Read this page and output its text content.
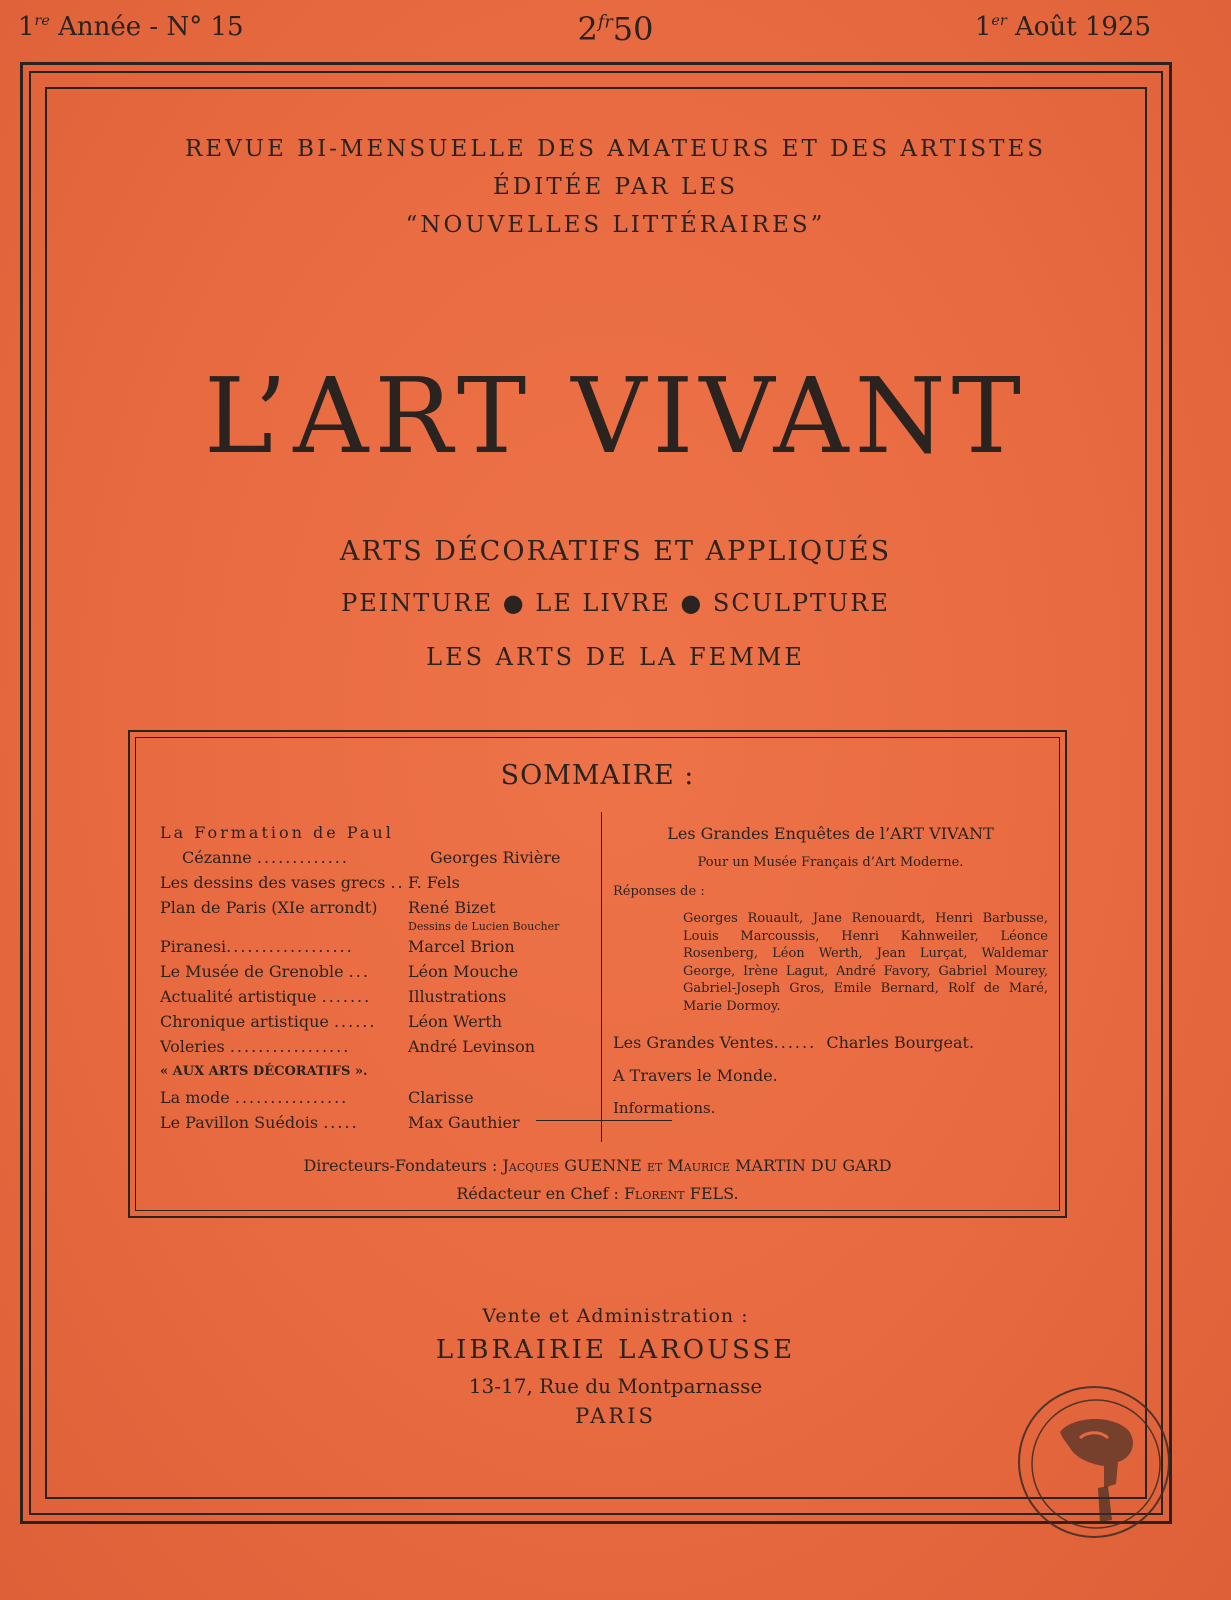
1re Année - N° 15	$2^{fr}50$	1er Août 1925
REVUE BI-MENSUELLE DES AMATEURS ET DES ARTISTES
ÉDITÉE PAR LES
“NOUVELLES LITTÉRAIRES”
L’ART VIVANT
ARTS DÉCORATIFS ET APPLIQUÉS
PEINTURE ● LE LIVRE ● SCULPTURE
LES ARTS DE LA FEMME
SOMMAIRE :
La Formation de Paul
Cézanne .............	Georges Rivière
Les dessins des vases grecs .. F. Fels
Plan de Paris (XIe arrondt)	René Bizet
Dessins de Lucien Boucher
Piranesi..................	Marcel Brion
Le Musée de Grenoble ...	Léon Mouche
Actualité artistique .......	Illustrations
Chronique artistique ......	Léon Werth
Voleries .................	André Levinson
« AUX ARTS DÉCORATIFS ».
La mode ................	Clarisse
Le Pavillon Suédois .....	Max Gauthier
Les Grandes Enquêtes de l’ART VIVANT
Pour un Musée Français d’Art Moderne.
Réponses de :
Georges Rouault, Jane Renouardt, Henri Barbusse, Louis Marcoussis, Henri Kahnweiler, Léonce Rosenberg, Léon Werth, Jean Lurçat, Waldemar George, Irène Lagut, André Favory, Gabriel Mourey, Gabriel-Joseph Gros, Emile Bernard, Rolf de Maré, Marie Dormoy.
Les Grandes Ventes...... Charles Bourgeat.
A Travers le Monde.
Informations.
Directeurs-Fondateurs : Jacques GUENNE et Maurice MARTIN DU GARD
Rédacteur en Chef : Florent FELS.
Vente et Administration :
LIBRAIRIE LAROUSSE
13-17, Rue du Montparnasse
PARIS
